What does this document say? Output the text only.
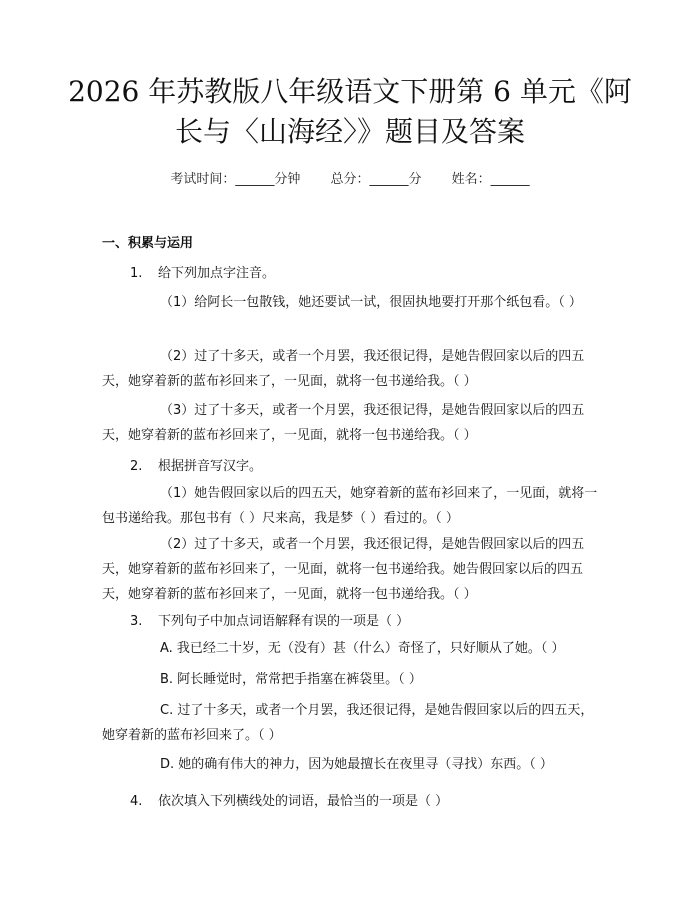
2026 年苏教版八年级语文下册第 6 单元《阿
长与〈山海经〉》题目及答案
考试时间：______分钟 总分：______分 姓名：______
一、积累与运用
1. 给下列加点字注音。
（1）给阿长一包散钱，她还要试一试，很固执地要打开那个纸包看。（ ）
（2）过了十多天，或者一个月罢，我还很记得，是她告假回家以后的四五天，她穿着新的蓝布衫回来了，一见面，就将一包书递给我。（ ）
（3）过了十多天，或者一个月罢，我还很记得，是她告假回家以后的四五天，她穿着新的蓝布衫回来了，一见面，就将一包书递给我。（ ）
2. 根据拼音写汉字。
（1）她告假回家以后的四五天，她穿着新的蓝布衫回来了，一见面，就将一包书递给我。那包书有（ ）尺来高，我是梦（ ）看过的。（ ）
（2）过了十多天，或者一个月罢，我还很记得，是她告假回家以后的四五天，她穿着新的蓝布衫回来了，一见面，就将一包书递给我。她告假回家以后的四五天，她穿着新的蓝布衫回来了，一见面，就将一包书递给我。（ ）
3. 下列句子中加点词语解释有误的一项是（ ）
A. 我已经二十岁，无（没有）甚（什么）奇怪了，只好顺从了她。（ ）
B. 阿长睡觉时，常常把手指塞在裤袋里。（ ）
C. 过了十多天，或者一个月罢，我还很记得，是她告假回家以后的四五天，她穿着新的蓝布衫回来了。（ ）
D. 她的确有伟大的神力，因为她最擅长在夜里寻（寻找）东西。（ ）
4. 依次填入下列横线处的词语，最恰当的一项是（ ）
